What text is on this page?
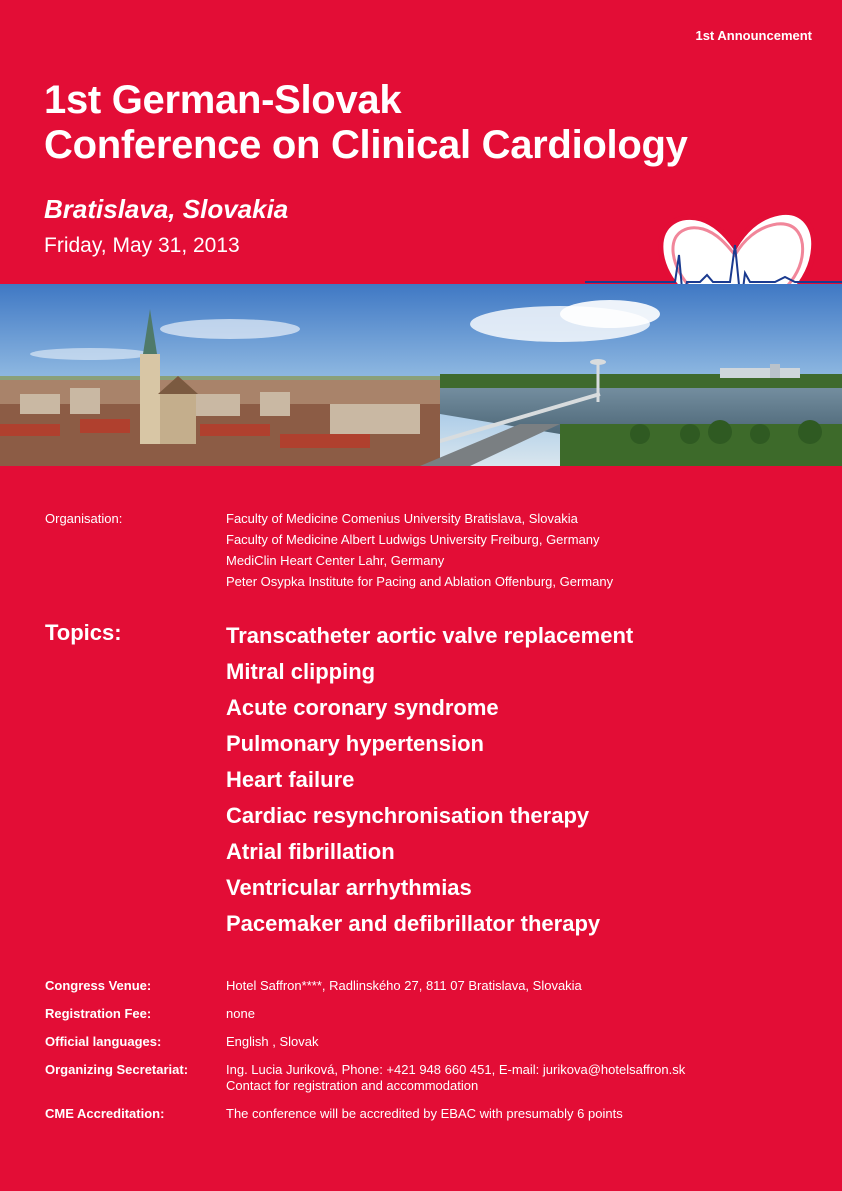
1st Announcement
1st German-Slovak
Conference on Clinical Cardiology
Bratislava, Slovakia
Friday, May 31, 2013
Organisation:	Faculty of Medicine Comenius University Bratislava, Slovakia
Faculty of Medicine Albert Ludwigs University Freiburg, Germany
MediClin Heart Center Lahr, Germany
Peter Osypka Institute for Pacing and Ablation Offenburg, Germany
Topics:	Transcatheter aortic valve replacement
Mitral clipping
Acute coronary syndrome
Pulmonary hypertension
Heart failure
Cardiac resynchronisation therapy
Atrial fibrillation
Ventricular arrhythmias
Pacemaker and defibrillator therapy
Congress Venue:	Hotel Saffron****, Radlinského 27, 811 07 Bratislava, Slovakia
Registration Fee:	none
Official languages:	English , Slovak
Organizing Secretariat:	Ing. Lucia Juriková, Phone: +421 948 660 451, E-mail: jurikova@hotelsaffron.sk
Contact for registration and accommodation
CME Accreditation:	The conference will be accredited by EBAC with presumably 6 points
